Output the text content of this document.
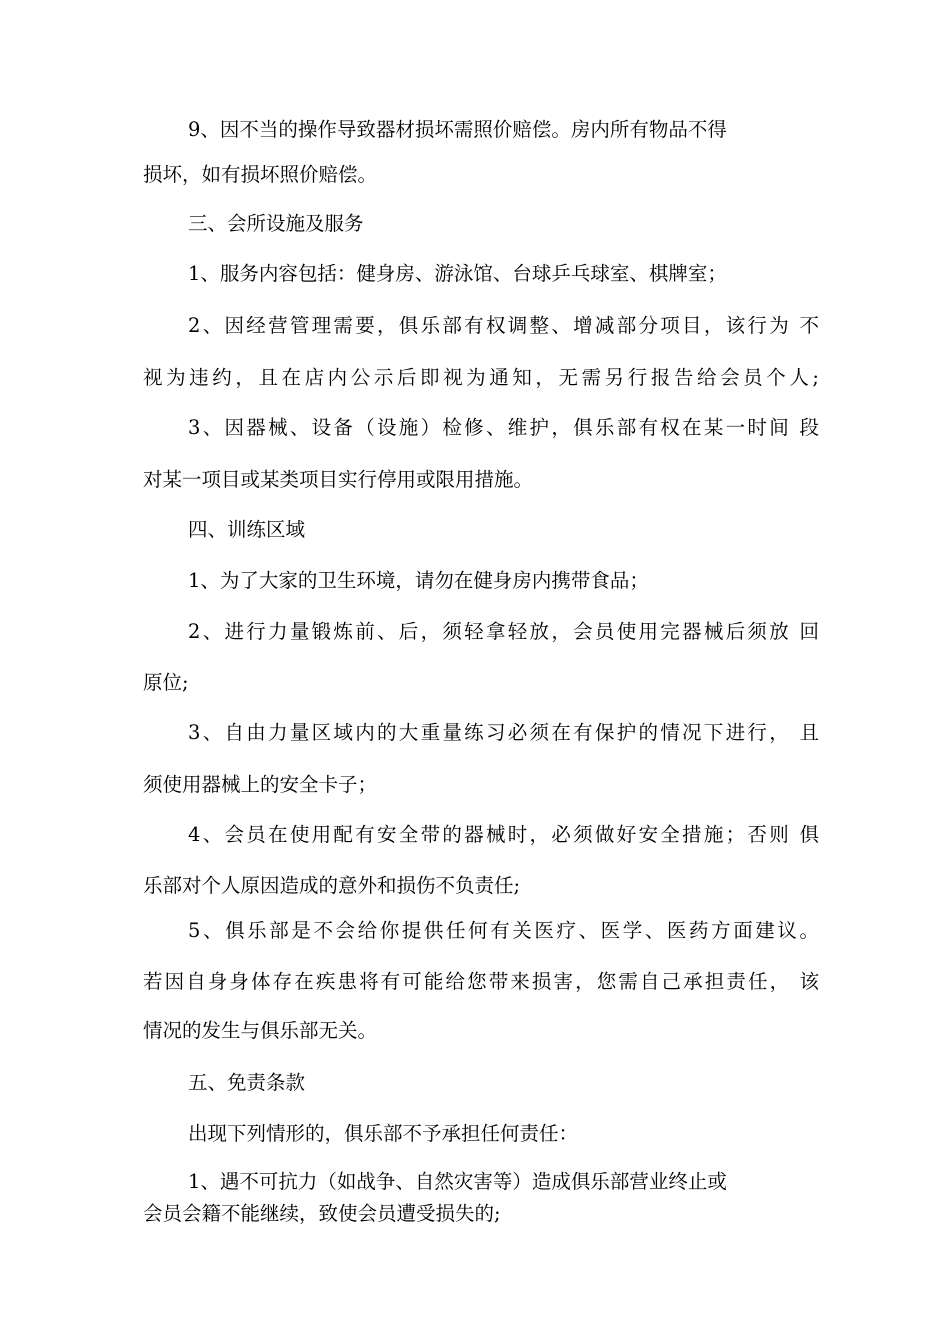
9、因不当的操作导致器材损坏需照价赔偿。房内所有物品不得
损坏，如有损坏照价赔偿。
三、会所设施及服务
1、服务内容包括：健身房、游泳馆、台球乒乓球室、棋牌室；
2、因经营管理需要，俱乐部有权调整、增减部分项目，该行为 不
视为违约，且在店内公示后即视为通知，无需另行报告给会员个人;
3、因器械、设备（设施）检修、维护，俱乐部有权在某一时间 段
对某一项目或某类项目实行停用或限用措施。
四、训练区域
1、为了大家的卫生环境，请勿在健身房内携带食品；
2、进行力量锻炼前、后，须轻拿轻放，会员使用完器械后须放 回
原位;
3、自由力量区域内的大重量练习必须在有保护的情况下进行， 且
须使用器械上的安全卡子；
4、会员在使用配有安全带的器械时，必须做好安全措施；否则 俱
乐部对个人原因造成的意外和损伤不负责任;
5、俱乐部是不会给你提供任何有关医疗、医学、医药方面建议。
若因自身身体存在疾患将有可能给您带来损害，您需自己承担责任， 该
情况的发生与俱乐部无关。
五、免责条款
出现下列情形的，俱乐部不予承担任何责任：
1、遇不可抗力（如战争、自然灾害等）造成俱乐部营业终止或
会员会籍不能继续，致使会员遭受损失的;
